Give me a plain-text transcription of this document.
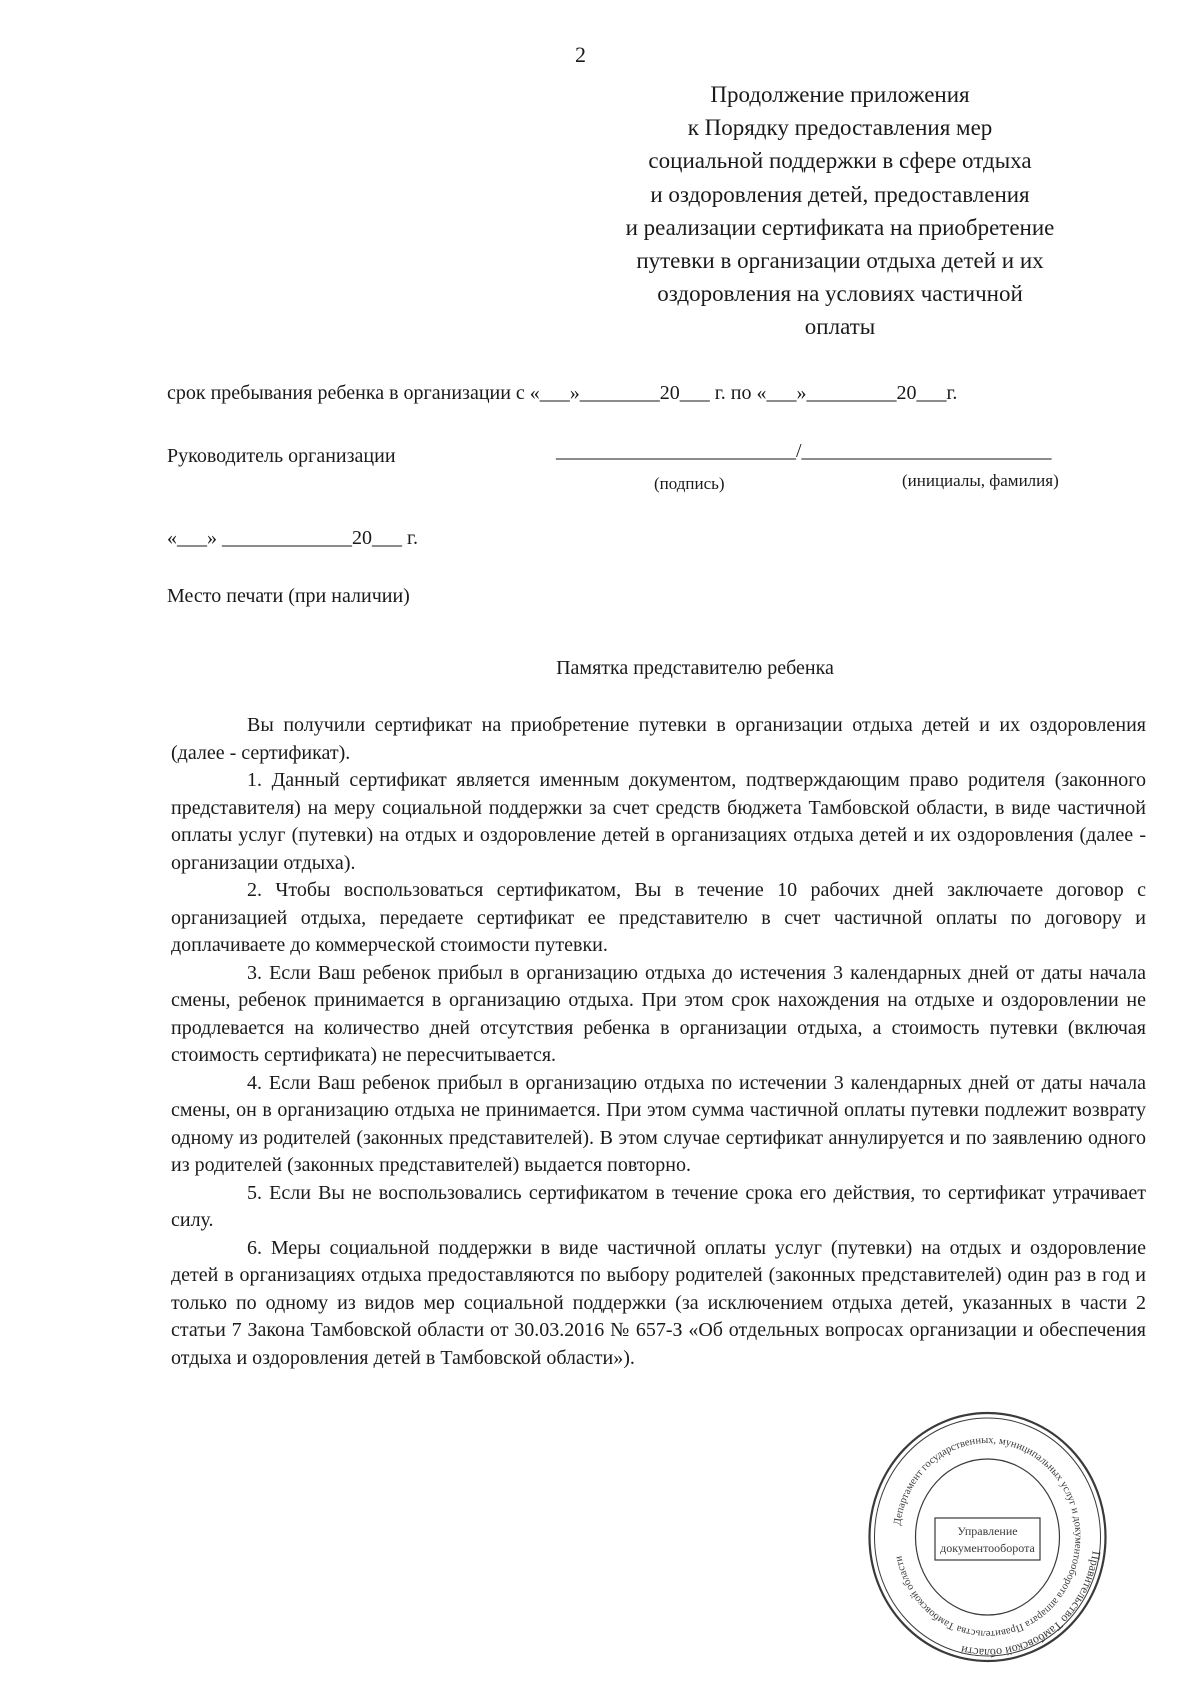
2
Продолжение приложения
к Порядку предоставления мер
социальной поддержки в сфере отдыха
и оздоровления детей, предоставления
и реализации сертификата на приобретение
путевки в организации отдыха детей и их
оздоровления на условиях частичной
оплаты
срок пребывания ребенка в организации с «___»________20___ г. по «___»_________20___г.
Руководитель организации	________________________/_________________________
(подпись)	(инициалы, фамилия)
«___» _____________20___ г.
Место печати (при наличии)
Памятка представителю ребенка

Вы получили сертификат на приобретение путевки в организации отдыха детей и их оздоровления (далее - сертификат).

1. Данный сертификат является именным документом, подтверждающим право родителя (законного представителя) на меру социальной поддержки за счет средств бюджета Тамбовской области, в виде частичной оплаты услуг (путевки) на отдых и оздоровление детей в организациях отдыха детей и их оздоровления (далее - организации отдыха).

2. Чтобы воспользоваться сертификатом, Вы в течение 10 рабочих дней заключаете договор с организацией отдыха, передаете сертификат ее представителю в счет частичной оплаты по договору и доплачиваете до коммерческой стоимости путевки.

3. Если Ваш ребенок прибыл в организацию отдыха до истечения 3 календарных дней от даты начала смены, ребенок принимается в организацию отдыха. При этом срок нахождения на отдыхе и оздоровлении не продлевается на количество дней отсутствия ребенка в организации отдыха, а стоимость путевки (включая стоимость сертификата) не пересчитывается.

4. Если Ваш ребенок прибыл в организацию отдыха по истечении 3 календарных дней от даты начала смены, он в организацию отдыха не принимается. При этом сумма частичной оплаты путевки подлежит возврату одному из родителей (законных представителей). В этом случае сертификат аннулируется и по заявлению одного из родителей (законных представителей) выдается повторно.

5. Если Вы не воспользовались сертификатом в течение срока его действия, то сертификат утрачивает силу.

6. Меры социальной поддержки в виде частичной оплаты услуг (путевки) на отдых и оздоровление детей в организациях отдыха предоставляются по выбору родителей (законных представителей) один раз в год и только по одному из видов мер социальной поддержки (за исключением отдыха детей, указанных в части 2 статьи 7 Закона Тамбовской области от 30.03.2016 № 657-З «Об отдельных вопросах организации и обеспечения отдыха и оздоровления детей в Тамбовской области»).

Правительство Тамбовской области
Департамент государственных, муниципальных услуг и документооборота аппарата Правительства Тамбовской области
Управление
документооборота
